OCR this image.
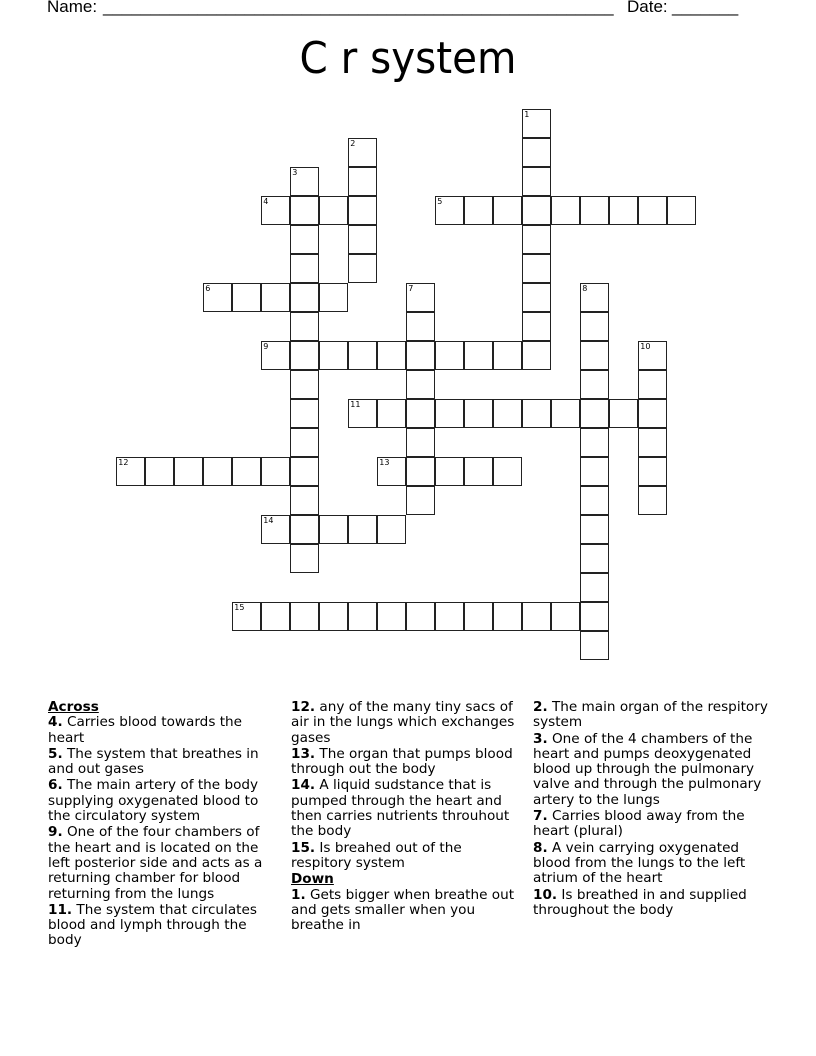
Name: ______________________________________________________ Date: _______
C r system
1
2
3
4	5
6	7	8
9	10
11
12	13
14
15
Across
4. Carries blood towards the heart
5. The system that breathes in and out gases
6. The main artery of the body supplying oxygenated blood to the circulatory system
9. One of the four chambers of the heart and is located on the left posterior side and acts as a returning chamber for blood returning from the lungs
11. The system that circulates blood and lymph through the body
12. any of the many tiny sacs of air in the lungs which exchanges gases
13. The organ that pumps blood through out the body
14. A liquid sudstance that is pumped through the heart and then carries nutrients throuhout the body
15. Is breahed out of the respitory system
Down
1. Gets bigger when breathe out and gets smaller when you breathe in
2. The main organ of the respitory system
3. One of the 4 chambers of the heart and pumps deoxygenated blood up through the pulmonary valve and through the pulmonary artery to the lungs
7. Carries blood away from the heart (plural)
8. A vein carrying oxygenated blood from the lungs to the left atrium of the heart
10. Is breathed in and supplied throughout the body
